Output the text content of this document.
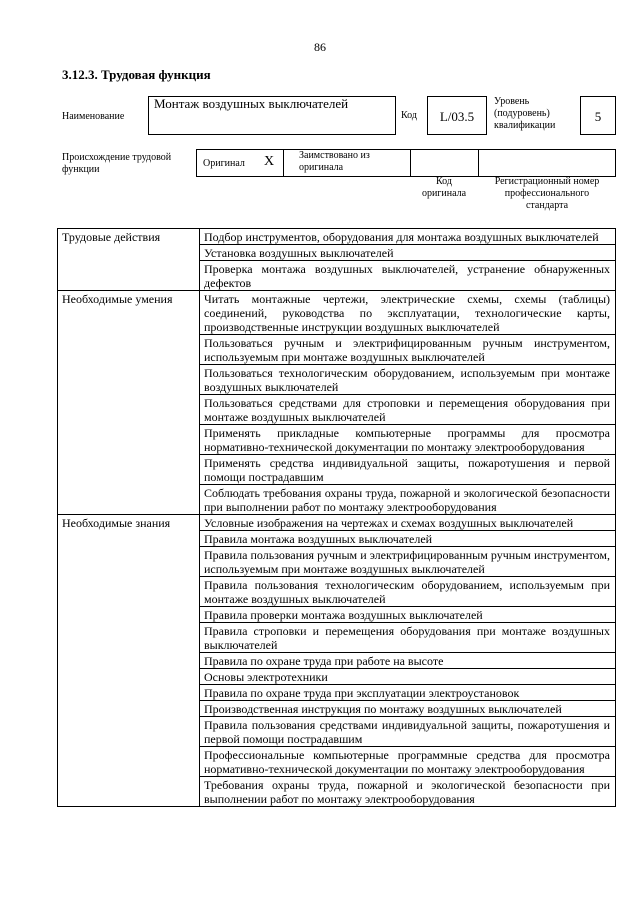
86
3.12.3. Трудовая функция
Наименование
Монтаж воздушных выключателей
Код	L/03.5
Уровень
(подуровень)
квалификации
5
Происхождение трудовой
функции
Оригинал X Заимствовано из
оригинала
Код
оригинала
Регистрационный номер
профессионального
стандарта
Трудовые действия	Подбор инструментов, оборудования для монтажа воздушных выключателей
	Установка воздушных выключателей
	Проверка монтажа воздушных выключателей, устранение обнаруженных дефектов
Необходимые умения	Читать монтажные чертежи, электрические схемы, схемы (таблицы) соединений, руководства по эксплуатации, технологические карты, производственные инструкции воздушных выключателей
	Пользоваться ручным и электрифицированным ручным инструментом, используемым при монтаже воздушных выключателей
	Пользоваться технологическим оборудованием, используемым при монтаже воздушных выключателей
	Пользоваться средствами для строповки и перемещения оборудования при монтаже воздушных выключателей
	Применять прикладные компьютерные программы для просмотра нормативно-технической документации по монтажу электрооборудования
	Применять средства индивидуальной защиты, пожаротушения и первой помощи пострадавшим
	Соблюдать требования охраны труда, пожарной и экологической безопасности при выполнении работ по монтажу электрооборудования
Необходимые знания	Условные изображения на чертежах и схемах воздушных выключателей
	Правила монтажа воздушных выключателей
	Правила пользования ручным и электрифицированным ручным инструментом, используемым при монтаже воздушных выключателей
	Правила пользования технологическим оборудованием, используемым при монтаже воздушных выключателей
	Правила проверки монтажа воздушных выключателей
	Правила строповки и перемещения оборудования при монтаже воздушных выключателей
	Правила по охране труда при работе на высоте
	Основы электротехники
	Правила по охране труда при эксплуатации электроустановок
	Производственная инструкция по монтажу воздушных выключателей
	Правила пользования средствами индивидуальной защиты, пожаротушения и первой помощи пострадавшим
	Профессиональные компьютерные программные средства для просмотра нормативно-технической документации по монтажу электрооборудования
	Требования охраны труда, пожарной и экологической безопасности при выполнении работ по монтажу электрооборудования
